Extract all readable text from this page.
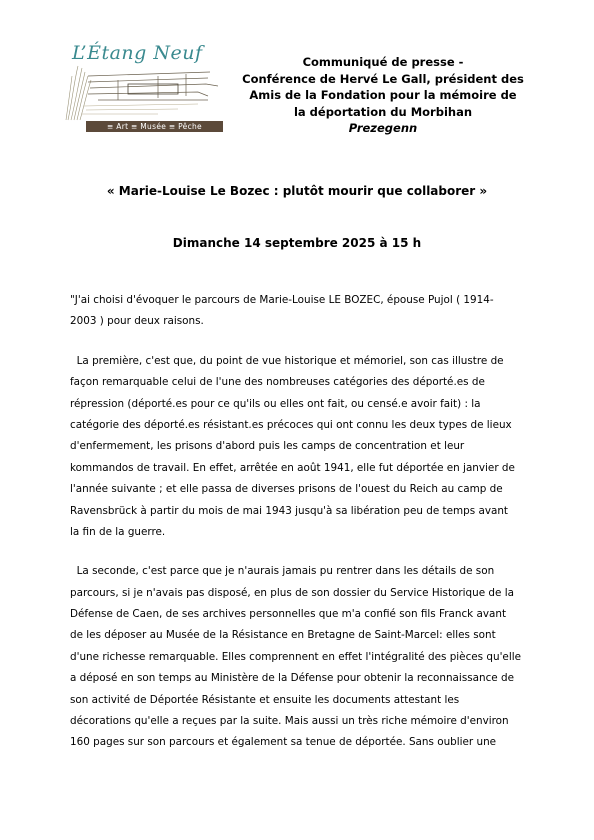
L’Étang Neuf
≡ Art ≡ Musée ≡ Pêche
Communiqué de presse -
Conférence de Hervé Le Gall, président des
Amis de la Fondation pour la mémoire de
la déportation du Morbihan
Prezegenn
« Marie-Louise Le Bozec : plutôt mourir que collaborer »
Dimanche 14 septembre 2025 à 15 h
"J'ai choisi d'évoquer le parcours de Marie-Louise LE BOZEC, épouse Pujol ( 1914-
2003 ) pour deux raisons.
La première, c'est que, du point de vue historique et mémoriel, son cas illustre de
façon remarquable celui de l'une des nombreuses catégories des déporté.es de
répression (déporté.es pour ce qu'ils ou elles ont fait, ou censé.e avoir fait) : la
catégorie des déporté.es résistant.es précoces qui ont connu les deux types de lieux
d'enfermement, les prisons d'abord puis les camps de concentration et leur
kommandos de travail. En effet, arrêtée en août 1941, elle fut déportée en janvier de
l'année suivante ; et elle passa de diverses prisons de l'ouest du Reich au camp de
Ravensbrück à partir du mois de mai 1943 jusqu'à sa libération peu de temps avant
la fin de la guerre.
La seconde, c'est parce que je n'aurais jamais pu rentrer dans les détails de son
parcours, si je n'avais pas disposé, en plus de son dossier du Service Historique de la
Défense de Caen, de ses archives personnelles que m'a confié son fils Franck avant
de les déposer au Musée de la Résistance en Bretagne de Saint-Marcel: elles sont
d'une richesse remarquable. Elles comprennent en effet l'intégralité des pièces qu'elle
a déposé en son temps au Ministère de la Défense pour obtenir la reconnaissance de
son activité de Déportée Résistante et ensuite les documents attestant les
décorations qu'elle a reçues par la suite. Mais aussi un très riche mémoire d'environ
160 pages sur son parcours et également sa tenue de déportée. Sans oublier une
